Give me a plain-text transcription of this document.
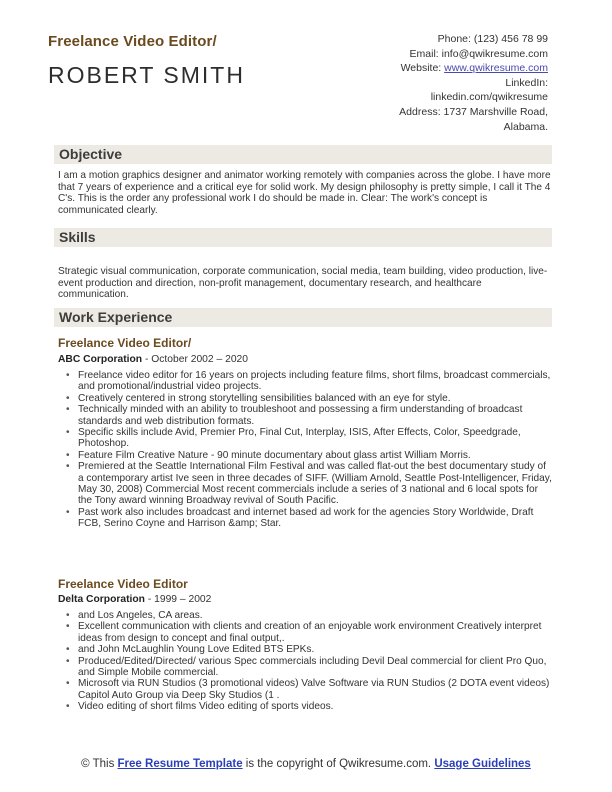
Freelance Video Editor/
ROBERT SMITH
Phone: (123) 456 78 99
Email: info@qwikresume.com
Website: www.qwikresume.com
LinkedIn:
linkedin.com/qwikresume
Address: 1737 Marshville Road,
Alabama.
Objective
I am a motion graphics designer and animator working remotely with companies across the globe. I have more that 7 years of experience and a critical eye for solid work. My design philosophy is pretty simple, I call it The 4 C's. This is the order any professional work I do should be made in. Clear: The work's concept is communicated clearly.
Skills
Strategic visual communication, corporate communication, social media, team building, video production, live-event production and direction, non-profit management, documentary research, and healthcare communication.
Work Experience
Freelance Video Editor/
ABC Corporation - October 2002 – 2020
• Freelance video editor for 16 years on projects including feature films, short films, broadcast commercials, and promotional/industrial video projects.
• Creatively centered in strong storytelling sensibilities balanced with an eye for style.
• Technically minded with an ability to troubleshoot and possessing a firm understanding of broadcast standards and web distribution formats.
• Specific skills include Avid, Premier Pro, Final Cut, Interplay, ISIS, After Effects, Color, Speedgrade, Photoshop.
• Feature Film Creative Nature - 90 minute documentary about glass artist William Morris.
• Premiered at the Seattle International Film Festival and was called flat-out the best documentary study of a contemporary artist Ive seen in three decades of SIFF. (William Arnold, Seattle Post-Intelligencer, Friday, May 30, 2008) Commercial Most recent commercials include a series of 3 national and 6 local spots for the Tony award winning Broadway revival of South Pacific.
• Past work also includes broadcast and internet based ad work for the agencies Story Worldwide, Draft FCB, Serino Coyne and Harrison &amp; Star.
Freelance Video Editor
Delta Corporation - 1999 – 2002
• and Los Angeles, CA areas.
• Excellent communication with clients and creation of an enjoyable work environment Creatively interpret ideas from design to concept and final output,.
• and John McLaughlin Young Love Edited BTS EPKs.
• Produced/Edited/Directed/ various Spec commercials including Devil Deal commercial for client Pro Quo, and Simple Mobile commercial.
• Microsoft via RUN Studios (3 promotional videos) Valve Software via RUN Studios (2 DOTA event videos) Capitol Auto Group via Deep Sky Studios (1 .
• Video editing of short films Video editing of sports videos.
© This Free Resume Template is the copyright of Qwikresume.com. Usage Guidelines
